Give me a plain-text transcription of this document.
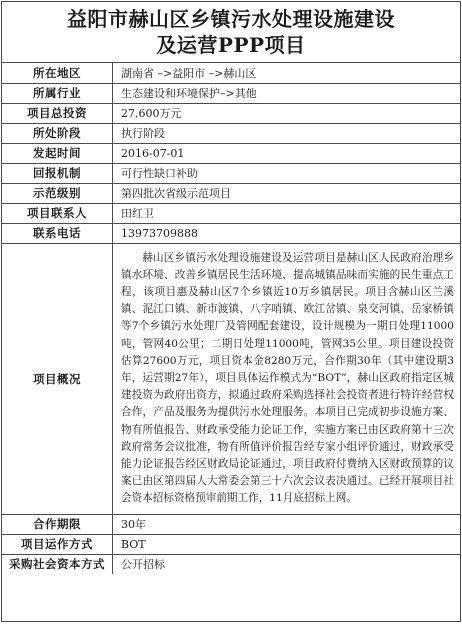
益阳市赫山区乡镇污水处理设施建设
及运营PPP项目
所在地区	湖南省 –>益阳市 –>赫山区
所属行业	生态建设和环境保护–>其他
项目总投资	27,600万元
所处阶段	执行阶段
发起时间	2016-07-01
回报机制	可行性缺口补助
示范级别	第四批次省级示范项目
项目联系人	田红卫
联系电话	13973709888
项目概况	赫山区乡镇污水处理设施建设及运营项目是赫山区人民政府治理乡镇水环境、改善乡镇居民生活环境、提高城镇品味而实施的民生重点工程，该项目惠及赫山区7个乡镇近10万乡镇居民。项目含赫山区兰溪镇、泥江口镇、新市渡镇、八字哨镇、欧江岔镇、泉交河镇、岳家桥镇等7个乡镇污水处理厂及管网配套建设，设计规模为一期日处理11000吨，管网40公里；二期日处理11000吨，管网35公里。项目建设投资估算27600万元，项目资本金8280万元，合作期30年（其中建设期3年，运营期27年），项目具体运作模式为“BOT”，赫山区政府指定区城建投资为政府出资方，拟通过政府采购选择社会投资者进行特许经营权合作，产品及服务为提供污水处理服务。本项目已完成初步设施方案、物有所值报告、财政承受能力论证工作，实施方案已由区政府第十三次政府常务会议批准，物有所值评价报告经专家小组评价通过，财政承受能力论证报告经区财政局论证通过，项目政府付费纳入区财政预算的议案已由区第四届人大常委会第三十六次会议表决通过。已经开展项目社会资本招标资格预审前期工作，11月底招标上网。
合作期限	30年
项目运作方式	BOT
采购社会资本方式	公开招标
